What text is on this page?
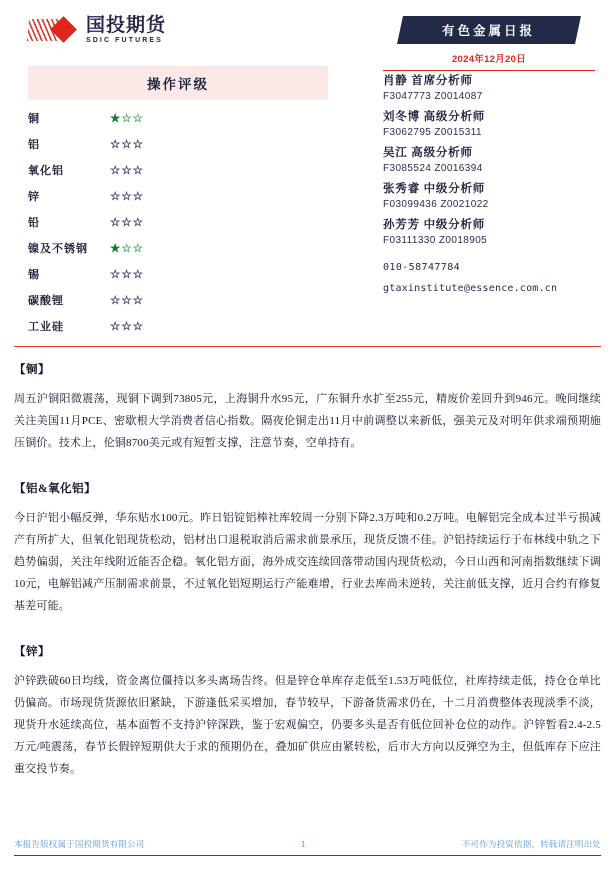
国投期货
SDIC FUTURES
有色金属日报
2024年12月20日
操作评级
铜	★☆☆
铝	☆☆☆
氧化铝	☆☆☆
锌	☆☆☆
铅	☆☆☆
镍及不锈钢	★☆☆
锡	☆☆☆
碳酸锂	☆☆☆
工业硅	☆☆☆
肖静 首席分析师
F3047773 Z0014087
刘冬博 高级分析师
F3062795 Z0015311
吴江 高级分析师
F3085524 Z0016394
张秀睿 中级分析师
F03099436 Z0021022
孙芳芳 中级分析师
F03111330 Z0018905
010-58747784
gtaxinstitute@essence.com.cn
【铜】
周五沪铜阳微震荡，现铜下调到73805元，上海铜升水95元，广东铜升水扩至255元，精废价差回升到946元。晚间继续关注美国11月PCE、密歇根大学消费者信心指数。隔夜伦铜走出11月中前调整以来新低，强美元及对明年供求端预期施压铜价。技术上，伦铜8700美元或有短暂支撑，注意节奏，空单持有。
【铝&氧化铝】
今日沪铝小幅反弹，华东贴水100元。昨日铝锭铝棒社库较周一分别下降2.3万吨和0.2万吨。电解铝完全成本过半亏损减产有所扩大，但氧化铝现货松动，铝材出口退税取消后需求前景承压，现货反馈不佳。沪铝持续运行于布林线中轨之下趋势偏弱，关注年线附近能否企稳。氧化铝方面，海外成交连续回落带动国内现货松动，今日山西和河南指数继续下调10元，电解铝减产压制需求前景，不过氧化铝短期运行产能难增，行业去库尚未逆转，关注前低支撑，近月合约有修复基差可能。
【锌】
沪锌跌破60日均线，资金离位僵持以多头离场告终。但是锌仓单库存走低至1.53万吨低位，社库持续走低，持仓仓单比仍偏高。市场现货货源依旧紧缺，下游逢低采买增加，春节较早，下游备货需求仍在，十二月消费整体表现淡季不淡，现货升水延续高位，基本面暂不支持沪锌深跌，鉴于宏观偏空，仍要多头是否有低位回补仓位的动作。沪锌暂看2.4-2.5万元/吨震荡，春节长假锌短期供大于求的预期仍在，叠加矿供应由紧转松，后市大方向以反弹空为主，但低库存下应注重交投节奏。
本报告版权属于国投期货有限公司	1	不可作为投资依据，转载请注明出处
